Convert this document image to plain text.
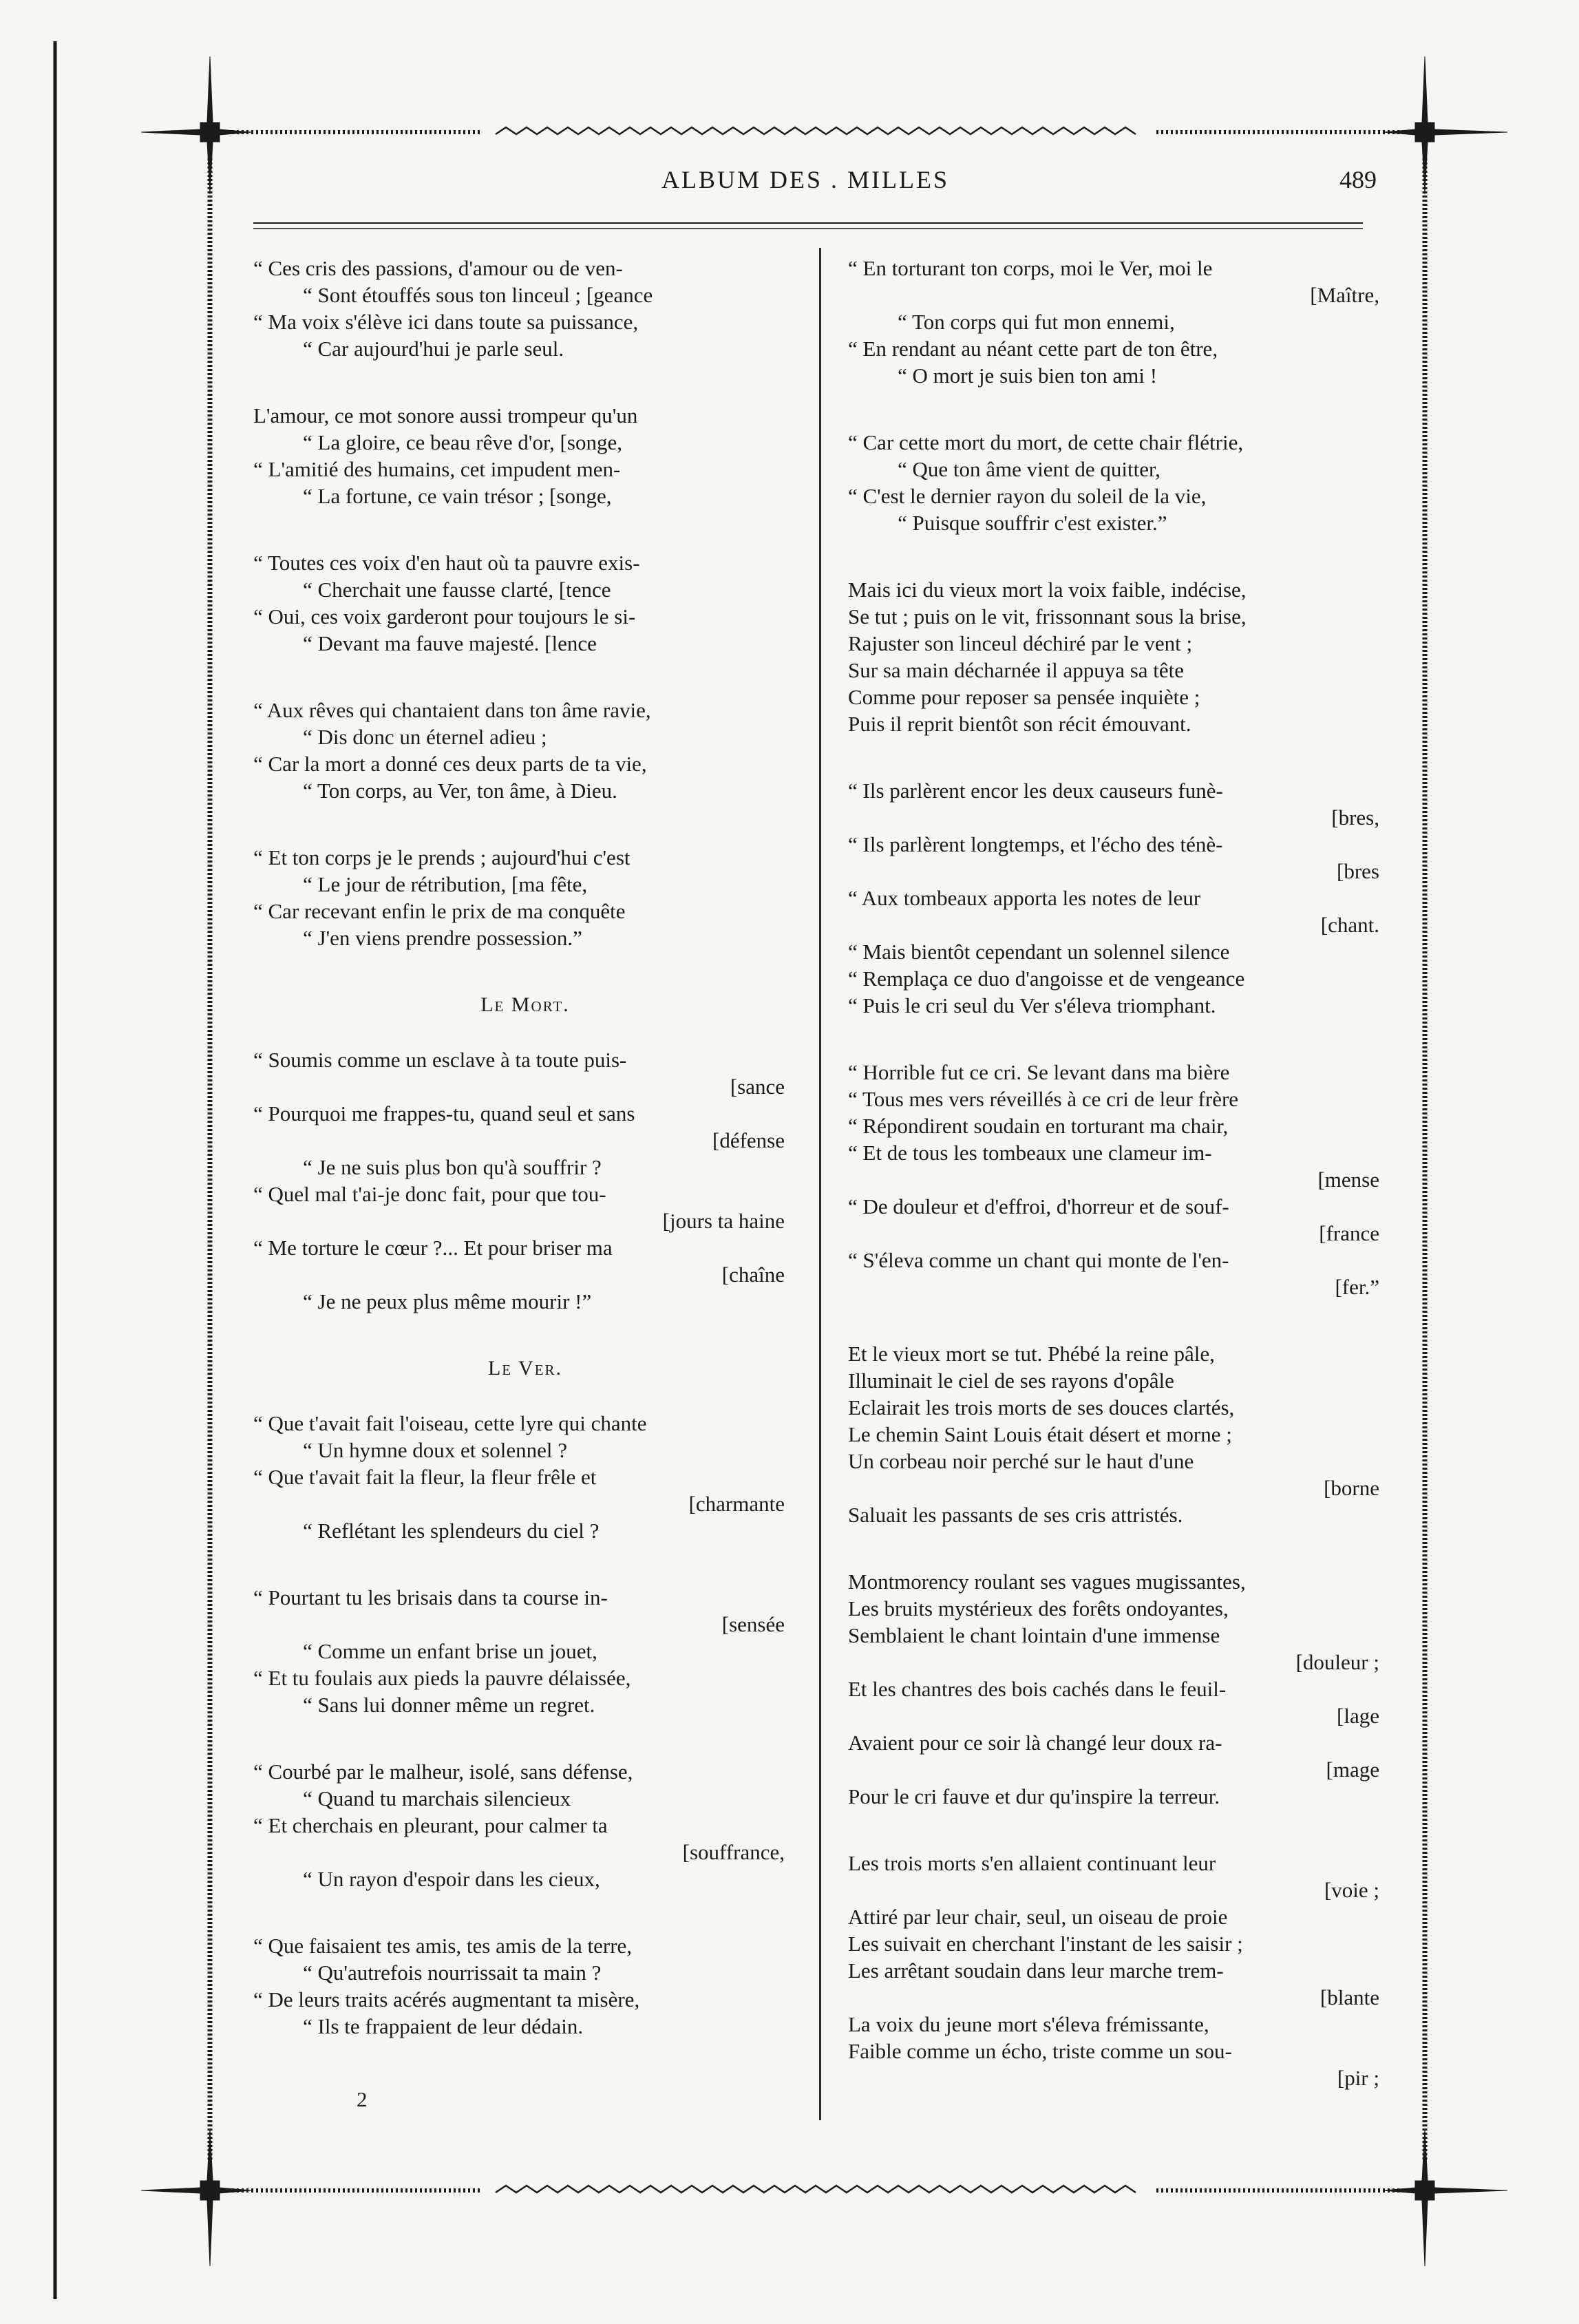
ALBUM DES . MILLES	489
“ Ces cris des passions, d'amour ou de ven-
“ Sont étouffés sous ton linceul ; [geance
“ Ma voix s'élève ici dans toute sa puissance,
“ Car aujourd'hui je parle seul.
L'amour, ce mot sonore aussi trompeur qu'un
“ La gloire, ce beau rêve d'or, [songe,
“ L'amitié des humains, cet impudent men-
“ La fortune, ce vain trésor ; [songe,
“ Toutes ces voix d'en haut où ta pauvre exis-
“ Cherchait une fausse clarté, [tence
“ Oui, ces voix garderont pour toujours le si-
“ Devant ma fauve majesté. [lence
“ Aux rêves qui chantaient dans ton âme ravie,
“ Dis donc un éternel adieu ;
“ Car la mort a donné ces deux parts de ta vie,
“ Ton corps, au Ver, ton âme, à Dieu.
“ Et ton corps je le prends ; aujourd'hui c'est
“ Le jour de rétribution, [ma fête,
“ Car recevant enfin le prix de ma conquête
“ J'en viens prendre possession.”
Le Mort.
“ Soumis comme un esclave à ta toute puis-
[sance
“ Pourquoi me frappes-tu, quand seul et sans
[défense
“ Je ne suis plus bon qu'à souffrir ?
“ Quel mal t'ai-je donc fait, pour que tou-
[jours ta haine
“ Me torture le cœur ?... Et pour briser ma
[chaîne
“ Je ne peux plus même mourir !”
Le Ver.
“ Que t'avait fait l'oiseau, cette lyre qui chante
“ Un hymne doux et solennel ?
“ Que t'avait fait la fleur, la fleur frêle et
[charmante
“ Reflétant les splendeurs du ciel ?
“ Pourtant tu les brisais dans ta course in-
[sensée
“ Comme un enfant brise un jouet,
“ Et tu foulais aux pieds la pauvre délaissée,
“ Sans lui donner même un regret.
“ Courbé par le malheur, isolé, sans défense,
“ Quand tu marchais silencieux
“ Et cherchais en pleurant, pour calmer ta
[souffrance,
“ Un rayon d'espoir dans les cieux,
“ Que faisaient tes amis, tes amis de la terre,
“ Qu'autrefois nourrissait ta main ?
“ De leurs traits acérés augmentant ta misère,
“ Ils te frappaient de leur dédain.
“ En torturant ton corps, moi le Ver, moi le
[Maître,
“ Ton corps qui fut mon ennemi,
“ En rendant au néant cette part de ton être,
“ O mort je suis bien ton ami !
“ Car cette mort du mort, de cette chair flétrie,
“ Que ton âme vient de quitter,
“ C'est le dernier rayon du soleil de la vie,
“ Puisque souffrir c'est exister.”
Mais ici du vieux mort la voix faible, indécise,
Se tut ; puis on le vit, frissonnant sous la brise,
Rajuster son linceul déchiré par le vent ;
Sur sa main décharnée il appuya sa tête
Comme pour reposer sa pensée inquiète ;
Puis il reprit bientôt son récit émouvant.
“ Ils parlèrent encor les deux causeurs funè-
[bres,
“ Ils parlèrent longtemps, et l'écho des ténè-
[bres
“ Aux tombeaux apporta les notes de leur
[chant.
“ Mais bientôt cependant un solennel silence
“ Remplaça ce duo d'angoisse et de vengeance
“ Puis le cri seul du Ver s'éleva triomphant.
“ Horrible fut ce cri. Se levant dans ma bière
“ Tous mes vers réveillés à ce cri de leur frère
“ Répondirent soudain en torturant ma chair,
“ Et de tous les tombeaux une clameur im-
[mense
“ De douleur et d'effroi, d'horreur et de souf-
[france
“ S'éleva comme un chant qui monte de l'en-
[fer.”
Et le vieux mort se tut. Phébé la reine pâle,
Illuminait le ciel de ses rayons d'opâle
Eclairait les trois morts de ses douces clartés,
Le chemin Saint Louis était désert et morne ;
Un corbeau noir perché sur le haut d'une
[borne
Saluait les passants de ses cris attristés.
Montmorency roulant ses vagues mugissantes,
Les bruits mystérieux des forêts ondoyantes,
Semblaient le chant lointain d'une immense
[douleur ;
Et les chantres des bois cachés dans le feuil-
[lage
Avaient pour ce soir là changé leur doux ra-
[mage
Pour le cri fauve et dur qu'inspire la terreur.
Les trois morts s'en allaient continuant leur
[voie ;
Attiré par leur chair, seul, un oiseau de proie
Les suivait en cherchant l'instant de les saisir ;
Les arrêtant soudain dans leur marche trem-
[blante
La voix du jeune mort s'éleva frémissante,
Faible comme un écho, triste comme un sou-
[pir ;
2
